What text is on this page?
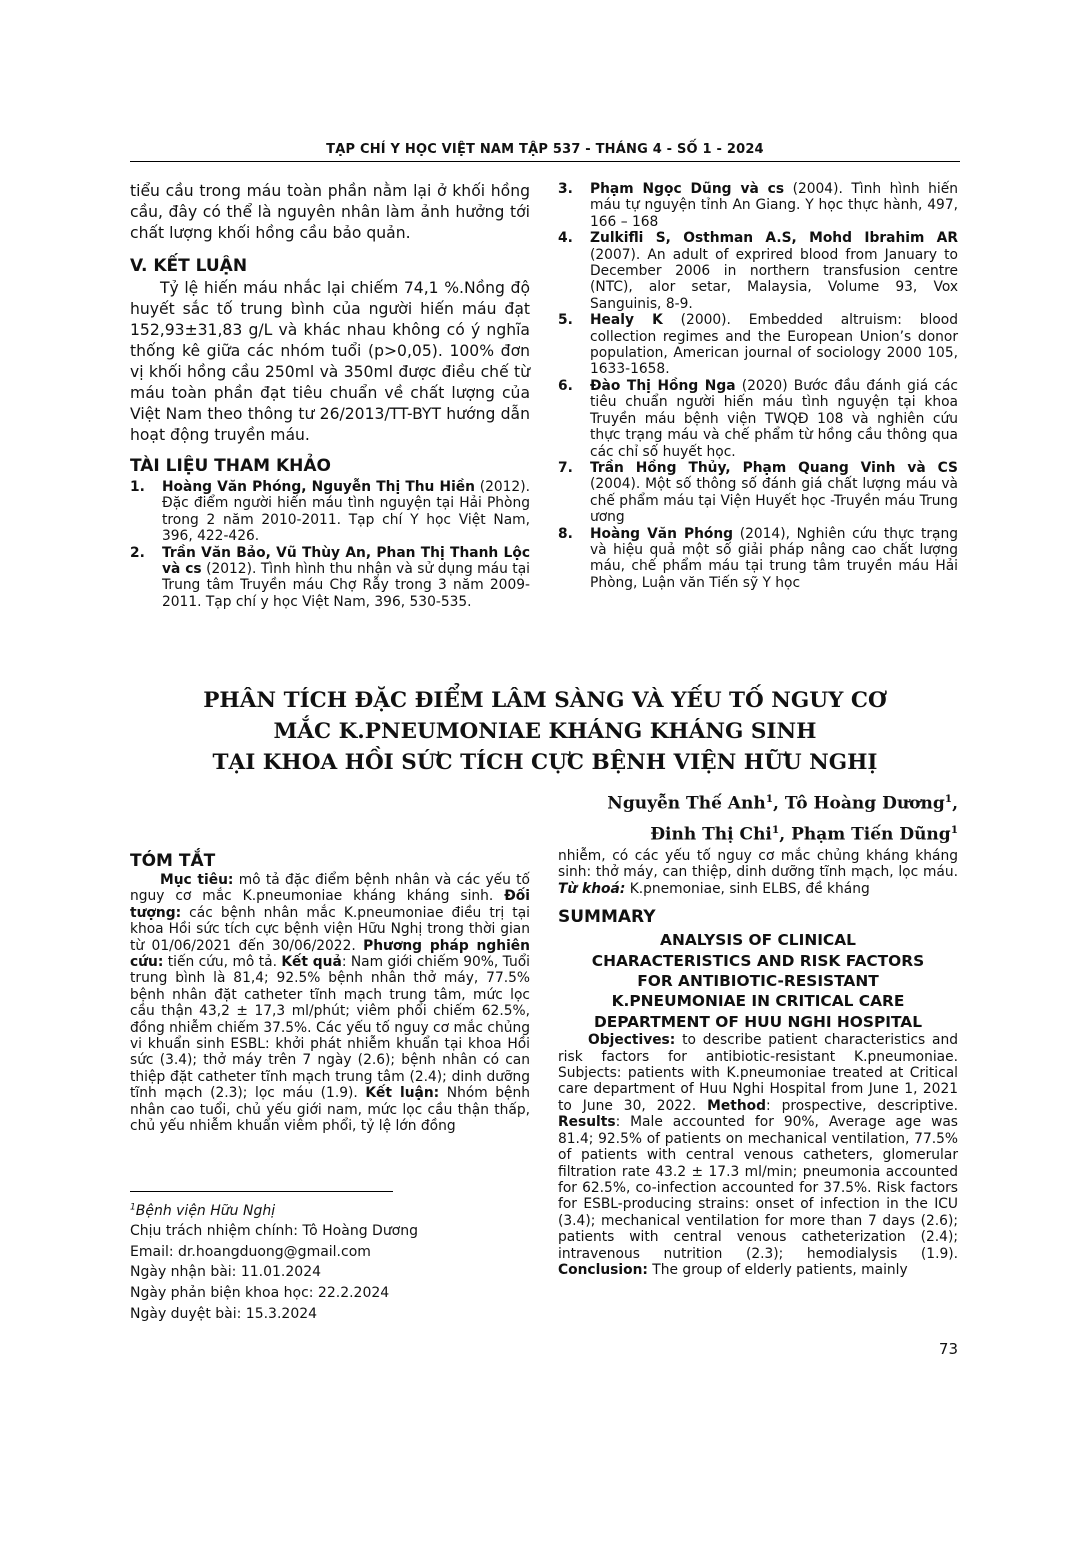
TẠP CHÍ Y HỌC VIỆT NAM TẬP 537 - THÁNG 4 - SỐ 1 - 2024

tiểu cầu trong máu toàn phần nằm lại ở khối hồng cầu, đây có thể là nguyên nhân làm ảnh hưởng tới chất lượng khối hồng cầu bảo quản.

V. KẾT LUẬN

Tỷ lệ hiến máu nhắc lại chiếm 74,1 %.Nồng độ huyết sắc tố trung bình của người hiến máu đạt 152,93±31,83 g/L và khác nhau không có ý nghĩa thống kê giữa các nhóm tuổi (p>0,05). 100% đơn vị khối hồng cầu 250ml và 350ml được điều chế từ máu toàn phần đạt tiêu chuẩn về chất lượng của Việt Nam theo thông tư 26/2013/TT-BYT hướng dẫn hoạt động truyền máu.

TÀI LIỆU THAM KHẢO
1. Hoàng Văn Phóng, Nguyễn Thị Thu Hiền (2012). Đặc điểm người hiến máu tình nguyện tại Hải Phòng trong 2 năm 2010-2011. Tạp chí Y học Việt Nam, 396, 422-426.
2. Trần Văn Bảo, Vũ Thùy An, Phan Thị Thanh Lộc và cs (2012). Tình hình thu nhận và sử dụng máu tại Trung tâm Truyền máu Chợ Rẫy trong 3 năm 2009-2011. Tạp chí y học Việt Nam, 396, 530-535.
3. Phạm Ngọc Dũng và cs (2004). Tình hình hiến máu tự nguyện tỉnh An Giang. Y học thực hành, 497, 166 – 168
4. Zulkifli S, Osthman A.S, Mohd Ibrahim AR (2007). An adult of exprired blood from January to December 2006 in northern transfusion centre (NTC), alor setar, Malaysia, Volume 93, Vox Sanguinis, 8-9.
5. Healy K (2000). Embedded altruism: blood collection regimes and the European Union’s donor population, American journal of sociology 2000 105, 1633-1658.
6. Đào Thị Hồng Nga (2020) Bước đầu đánh giá các tiêu chuẩn người hiến máu tình nguyện tại khoa Truyền máu bệnh viện TWQĐ 108 và nghiên cứu thực trạng máu và chế phẩm từ hồng cầu thông qua các chỉ số huyết học.
7. Trần Hồng Thủy, Phạm Quang Vinh và CS (2004). Một số thông số đánh giá chất lượng máu và chế phẩm máu tại Viện Huyết học -Truyền máu Trung ương
8. Hoàng Văn Phóng (2014), Nghiên cứu thực trạng và hiệu quả một số giải pháp nâng cao chất lượng máu, chế phẩm máu tại trung tâm truyền máu Hải Phòng, Luận văn Tiến sỹ Y học
PHÂN TÍCH ĐẶC ĐIỂM LÂM SÀNG VÀ YẾU TỐ NGUY CƠ
MẮC K.PNEUMONIAE KHÁNG KHÁNG SINH
TẠI KHOA HỒI SỨC TÍCH CỰC BỆNH VIỆN HỮU NGHỊ
Nguyễn Thế Anh$^1$, Tô Hoàng Dương$^1$,
Đinh Thị Chi$^1$, Phạm Tiến Dũng$^1$
TÓM TẮT

Mục tiêu: mô tả đặc điểm bệnh nhân và các yếu tố nguy cơ mắc K.pneumoniae kháng kháng sinh. Đối tượng: các bệnh nhân mắc K.pneumoniae điều trị tại khoa Hồi sức tích cực bệnh viện Hữu Nghị trong thời gian từ 01/06/2021 đến 30/06/2022. Phương pháp nghiên cứu: tiến cứu, mô tả. Kết quả: Nam giới chiếm 90%, Tuổi trung bình là 81,4; 92.5% bệnh nhân thở máy, 77.5% bệnh nhân đặt catheter tĩnh mạch trung tâm, mức lọc cầu thận 43,2 ± 17,3 ml/phút; viêm phổi chiếm 62.5%, đồng nhiễm chiếm 37.5%. Các yếu tố nguy cơ mắc chủng vi khuẩn sinh ESBL: khởi phát nhiễm khuẩn tại khoa Hồi sức (3.4); thở máy trên 7 ngày (2.6); bệnh nhân có can thiệp đặt catheter tĩnh mạch trung tâm (2.4); dinh dưỡng tĩnh mạch (2.3); lọc máu (1.9). Kết luận: Nhóm bệnh nhân cao tuổi, chủ yếu giới nam, mức lọc cầu thận thấp, chủ yếu nhiễm khuẩn viêm phổi, tỷ lệ lớn đồng

nhiễm, có các yếu tố nguy cơ mắc chủng kháng kháng sinh: thở máy, can thiệp, dinh dưỡng tĩnh mạch, lọc máu. Từ khoá: K.pnemoniae, sinh ELBS, đề kháng

SUMMARY
ANALYSIS OF CLINICAL
CHARACTERISTICS AND RISK FACTORS
FOR ANTIBIOTIC-RESISTANT
K.PNEUMONIAE IN CRITICAL CARE
DEPARTMENT OF HUU NGHI HOSPITAL

Objectives: to describe patient characteristics and risk factors for antibiotic-resistant K.pneumoniae. Subjects: patients with K.pneumoniae treated at Critical care department of Huu Nghi Hospital from June 1, 2021 to June 30, 2022. Method: prospective, descriptive. Results: Male accounted for 90%, Average age was 81.4; 92.5% of patients on mechanical ventilation, 77.5% of patients with central venous catheters, glomerular filtration rate 43.2 ± 17.3 ml/min; pneumonia accounted for 62.5%, co-infection accounted for 37.5%. Risk factors for ESBL-producing strains: onset of infection in the ICU (3.4); mechanical ventilation for more than 7 days (2.6); patients with central venous catheterization (2.4); intravenous nutrition (2.3); hemodialysis (1.9). Conclusion: The group of elderly patients, mainly

$^1$Bệnh viện Hữu Nghị
Chịu trách nhiệm chính: Tô Hoàng Dương
Email: dr.hoangduong@gmail.com
Ngày nhận bài: 11.01.2024
Ngày phản biện khoa học: 22.2.2024
Ngày duyệt bài: 15.3.2024
73
